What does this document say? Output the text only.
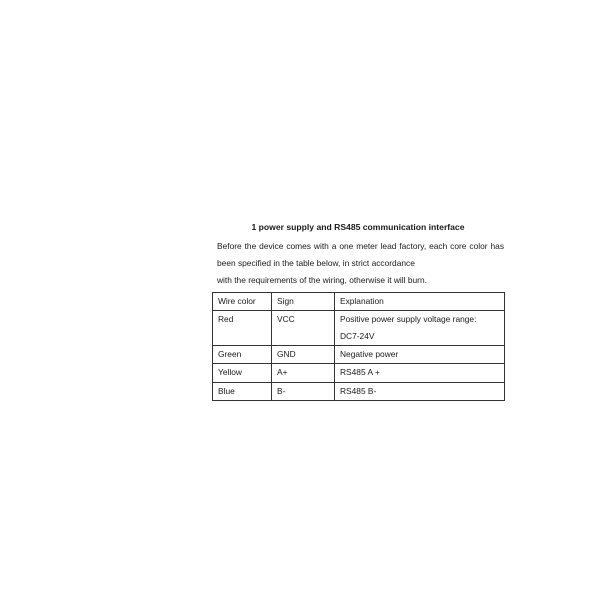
1 power supply and RS485 communication interface

Before the device comes with a one meter lead factory, each core color has been specified in the table below, in strict accordance
with the requirements of the wiring, otherwise it will burn.

Wire color	Sign	Explanation
Red	VCC	Positive power supply voltage range:
DC7-24V

Green	GND	Negative power

Yellow	A+	RS485 A +

Blue	B-	RS485 B-
